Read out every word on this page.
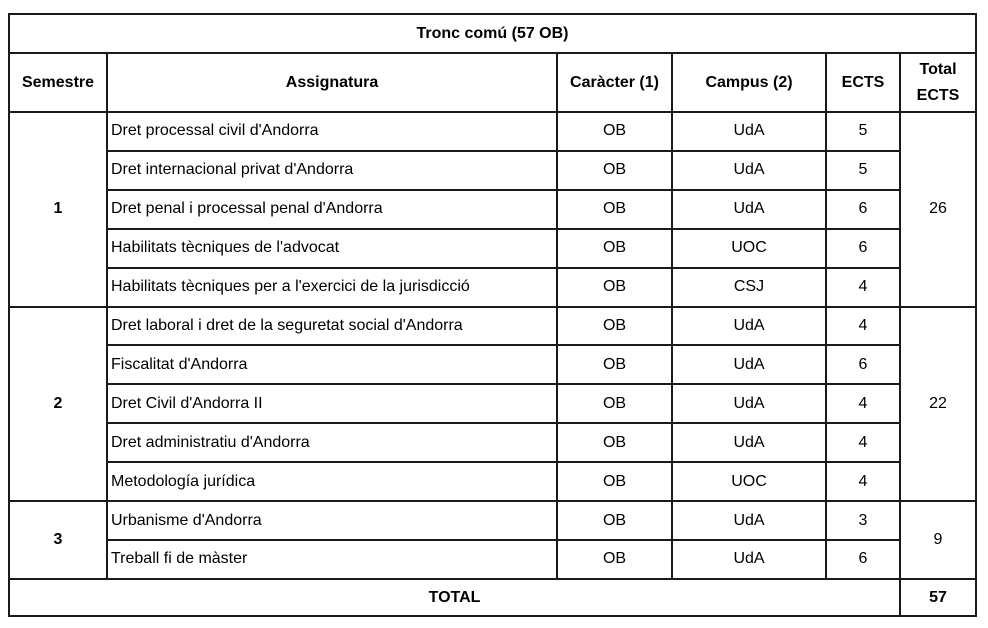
Tronc comú (57 OB)					
Semestre	Assignatura	Caràcter (1)	Campus (2)	ECTS	Total
ECTS
1	Dret processal civil d'Andorra	OB	UdA	5	26
	Dret internacional privat d'Andorra	OB	UdA	5	
	Dret penal i processal penal d'Andorra	OB	UdA	6	
	Habilitats tècniques de l'advocat	OB	UOC	6	
	Habilitats tècniques per a l'exercici de la jurisdicció	OB	CSJ	4	
2	Dret laboral i dret de la seguretat social d'Andorra	OB	UdA	4	22
	Fiscalitat d'Andorra	OB	UdA	6	
	Dret Civil d'Andorra II	OB	UdA	4	
	Dret administratiu d'Andorra	OB	UdA	4	
	Metodología jurídica	OB	UOC	4	
3	Urbanisme d'Andorra	OB	UdA	3	9
	Treball fi de màster	OB	UdA	6	
TOTAL					57
